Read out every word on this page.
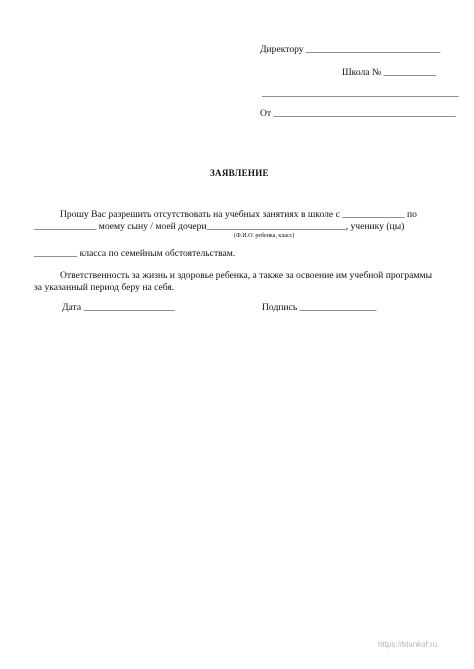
Директору ____________________________
Школа № ___________
_________________________________________
От ______________________________________
ЗАЯВЛЕНИЕ
Прошу Вас разрешить отсутствовать на учебных занятиях в школе с _____________ по
_____________ моему сыну / моей дочери_____________________________, ученику (цы)
(Ф.И.О. ребенка, класс)
_________ класса по семейным обстоятельствам.
Ответственность за жизнь и здоровье ребенка, а также за освоение им учебной программы
за указанный период беру на себя.
Дата ___________________	Подпись ________________
https://blankof.ru
